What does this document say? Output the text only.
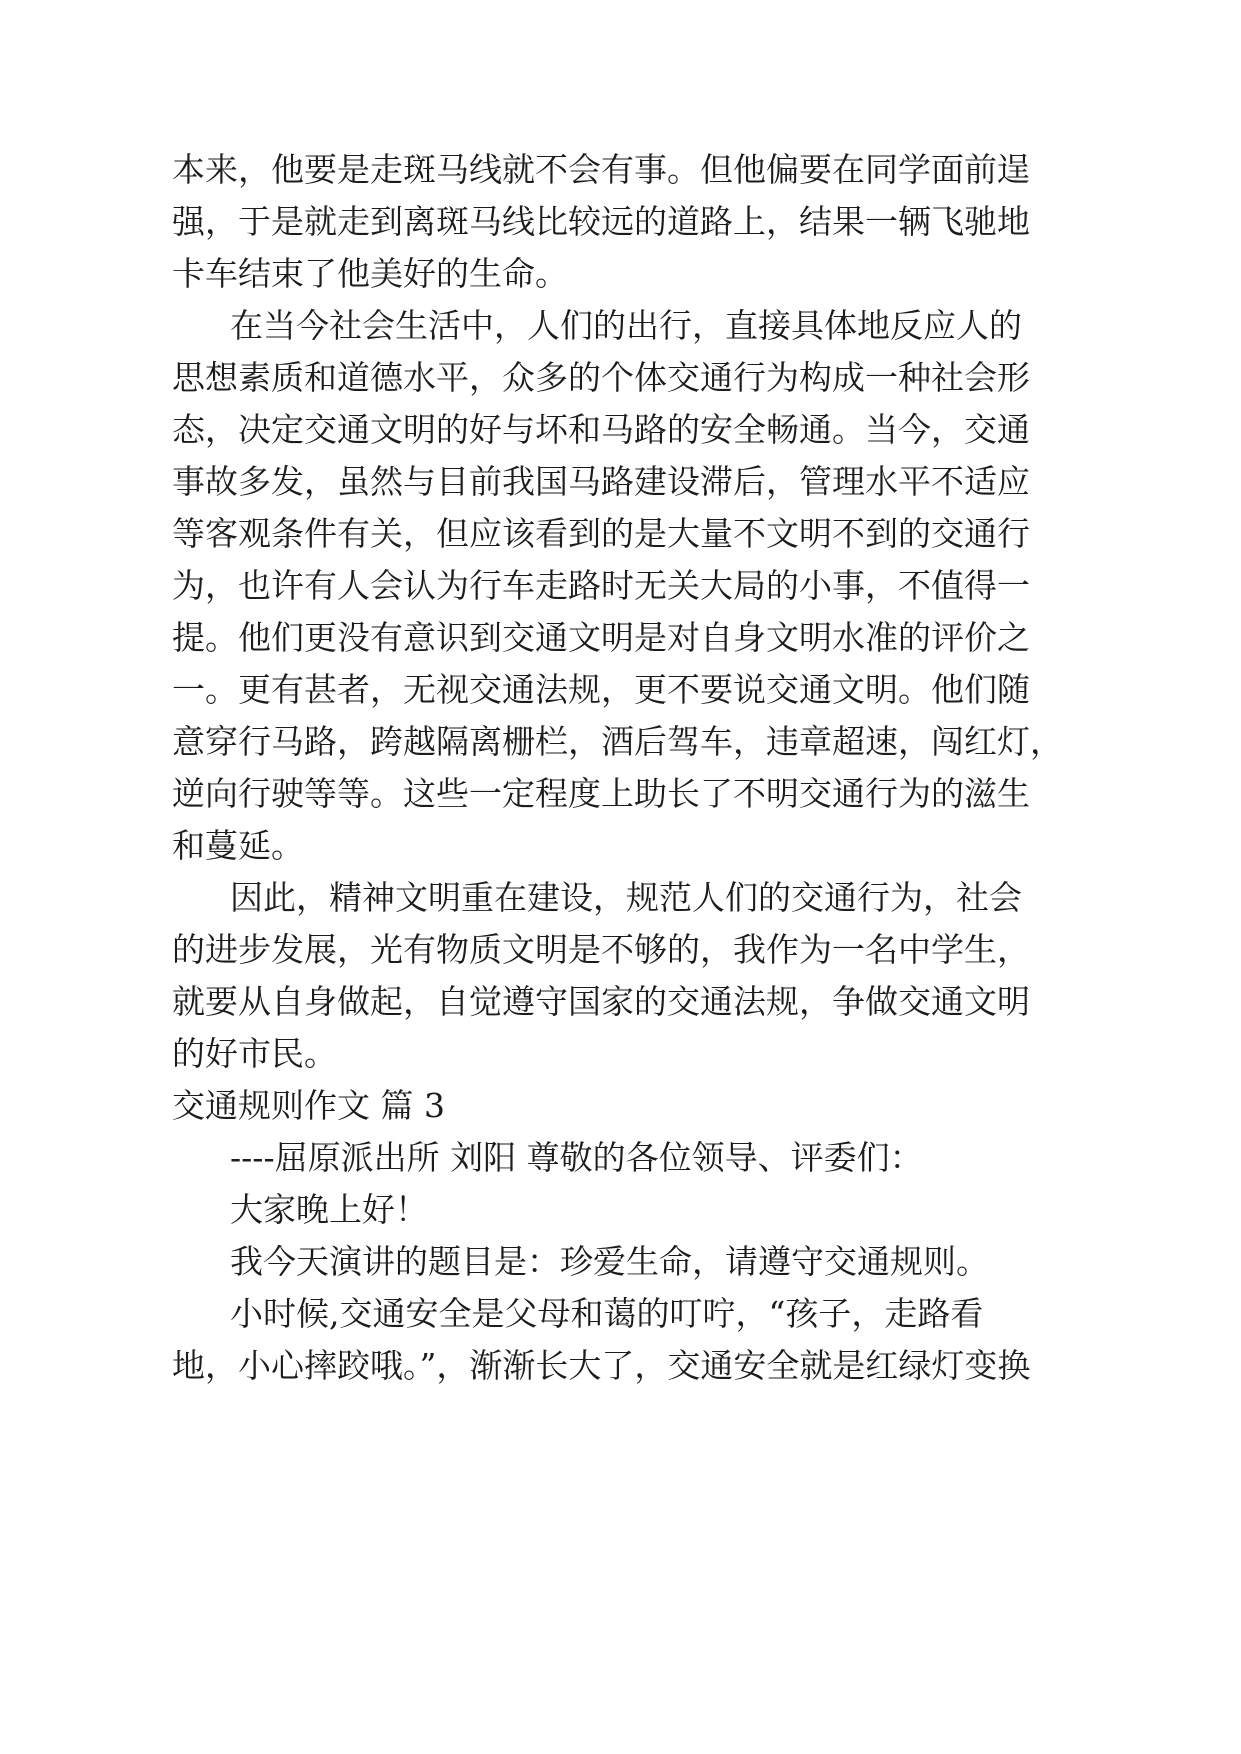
本来，他要是走斑马线就不会有事。但他偏要在同学面前逞

强，于是就走到离斑马线比较远的道路上，结果一辆飞驰地

卡车结束了他美好的生命。

在当今社会生活中，人们的出行，直接具体地反应人的

思想素质和道德水平，众多的个体交通行为构成一种社会形

态，决定交通文明的好与坏和马路的安全畅通。当今，交通

事故多发，虽然与目前我国马路建设滞后，管理水平不适应

等客观条件有关，但应该看到的是大量不文明不到的交通行

为，也许有人会认为行车走路时无关大局的小事，不值得一

提。他们更没有意识到交通文明是对自身文明水准的评价之

一。更有甚者，无视交通法规，更不要说交通文明。他们随

意穿行马路，跨越隔离栅栏，酒后驾车，违章超速，闯红灯，

逆向行驶等等。这些一定程度上助长了不明交通行为的滋生

和蔓延。

因此，精神文明重在建设，规范人们的交通行为，社会

的进步发展，光有物质文明是不够的，我作为一名中学生，

就要从自身做起，自觉遵守国家的交通法规，争做交通文明

的好市民。

交通规则作文 篇 3

----屈原派出所 刘阳 尊敬的各位领导、评委们：

大家晚上好！

我今天演讲的题目是：珍爱生命，请遵守交通规则。

小时候,交通安全是父母和蔼的叮咛，“孩子，走路看

地，小心摔跤哦。”，渐渐长大了，交通安全就是红绿灯变换
